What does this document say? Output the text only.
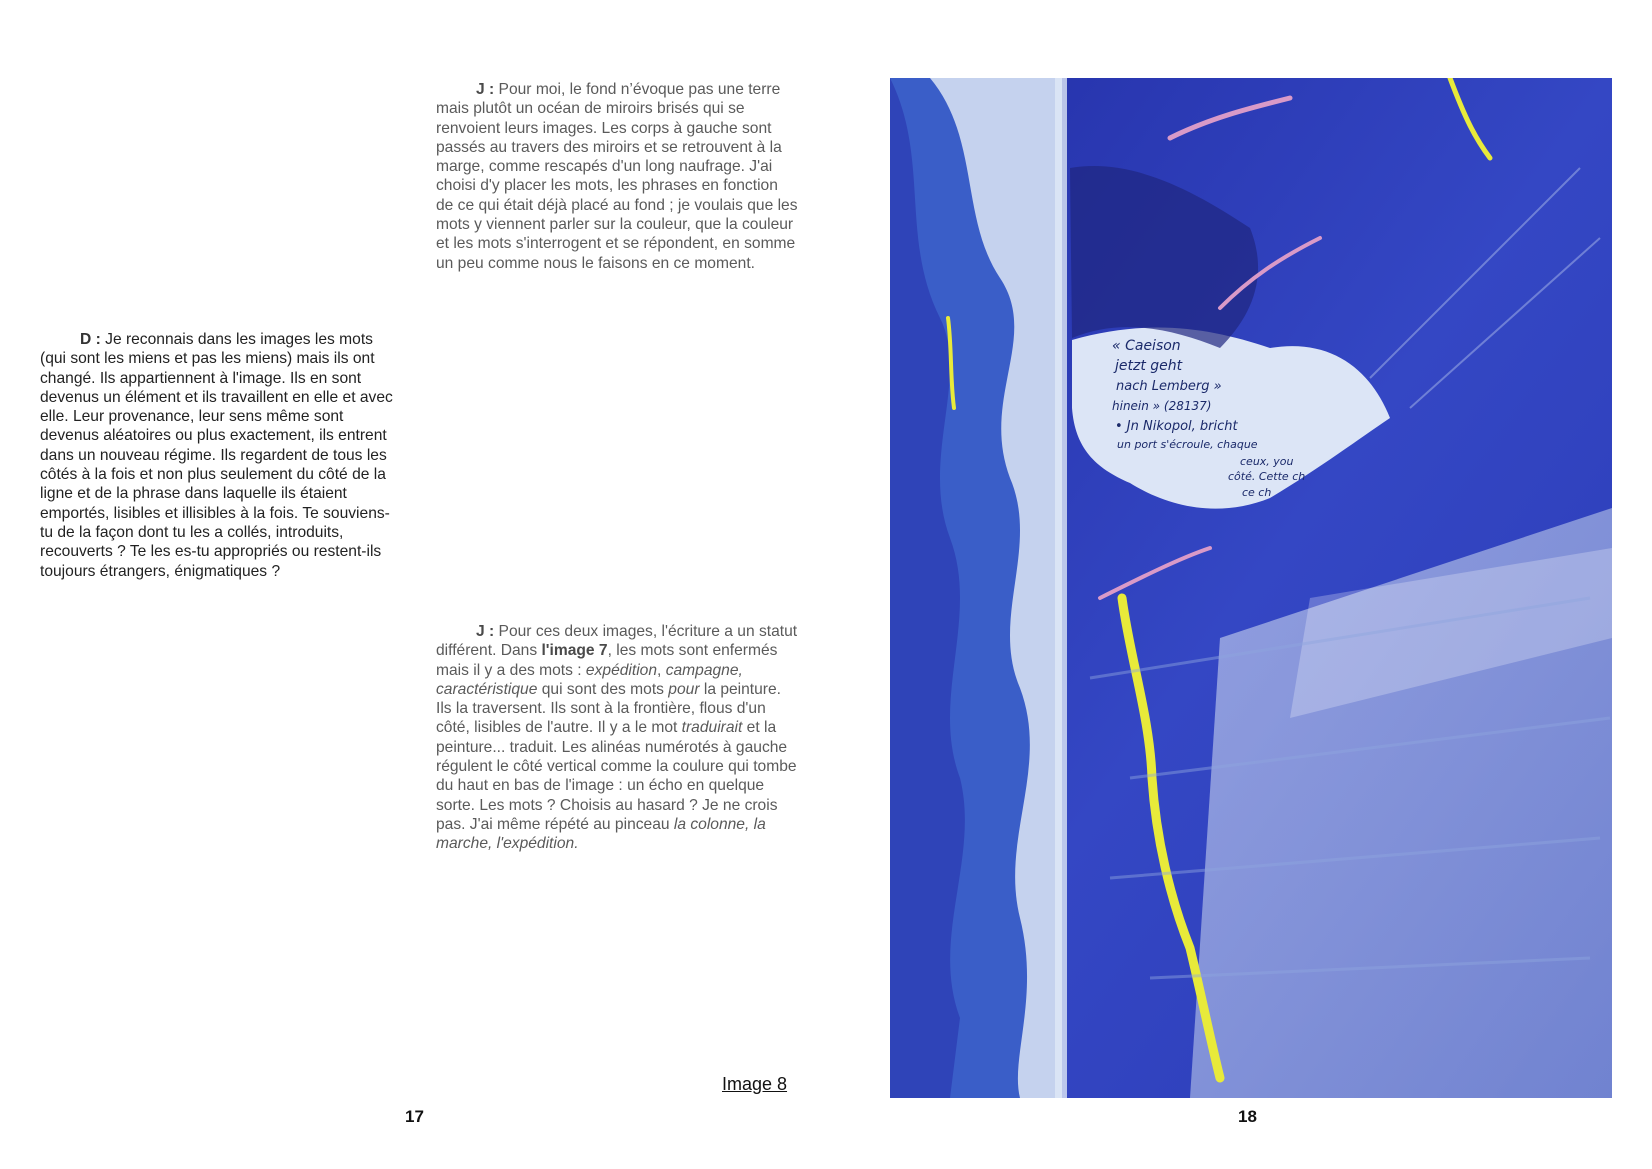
D : Je reconnais dans les images les mots (qui sont les miens et pas les miens) mais ils ont changé. Ils appartiennent à l'image. Ils en sont devenus un élément et ils travaillent en elle et avec elle. Leur provenance, leur sens même sont devenus aléatoires ou plus exactement, ils entrent dans un nouveau régime. Ils regardent de tous les côtés à la fois et non plus seulement du côté de la ligne et de la phrase dans laquelle ils étaient emportés, lisibles et illisibles à la fois. Te souviens-tu de la façon dont tu les a collés, introduits, recouverts ? Te les es-tu appropriés ou restent-ils toujours étrangers, énigmatiques ?

J : Pour moi, le fond n’évoque pas une terre mais plutôt un océan de miroirs brisés qui se renvoient leurs images. Les corps à gauche sont passés au travers des miroirs et se retrouvent à la marge, comme rescapés d'un long naufrage. J'ai choisi d'y placer les mots, les phrases en fonction de ce qui était déjà placé au fond ; je voulais que les mots y viennent parler sur la couleur, que la couleur et les mots s'interrogent et se répondent, en somme un peu comme nous le faisons en ce moment.

J : Pour ces deux images, l'écriture a un statut différent. Dans l'image 7, les mots sont enfermés mais il y a des mots : expédition, campagne, caractéristique qui sont des mots pour la peinture. Ils la traversent. Ils sont à la frontière, flous d'un côté, lisibles de l'autre. Il y a le mot traduirait et la peinture... traduit. Les alinéas numérotés à gauche régulent le côté vertical comme la coulure qui tombe du haut en bas de l'image : un écho en quelque sorte. Les mots ? Choisis au hasard ? Je ne crois pas. J'ai même répété au pinceau la colonne, la marche, l'expédition.

Image 8
17
« Caeison
jetzt geht
nach Lemberg »
hinein » (28137)
• Jn Nikopol, bricht
un port s'écroule, chaque
ceux, you
côté. Cette ch
ce ch
18
